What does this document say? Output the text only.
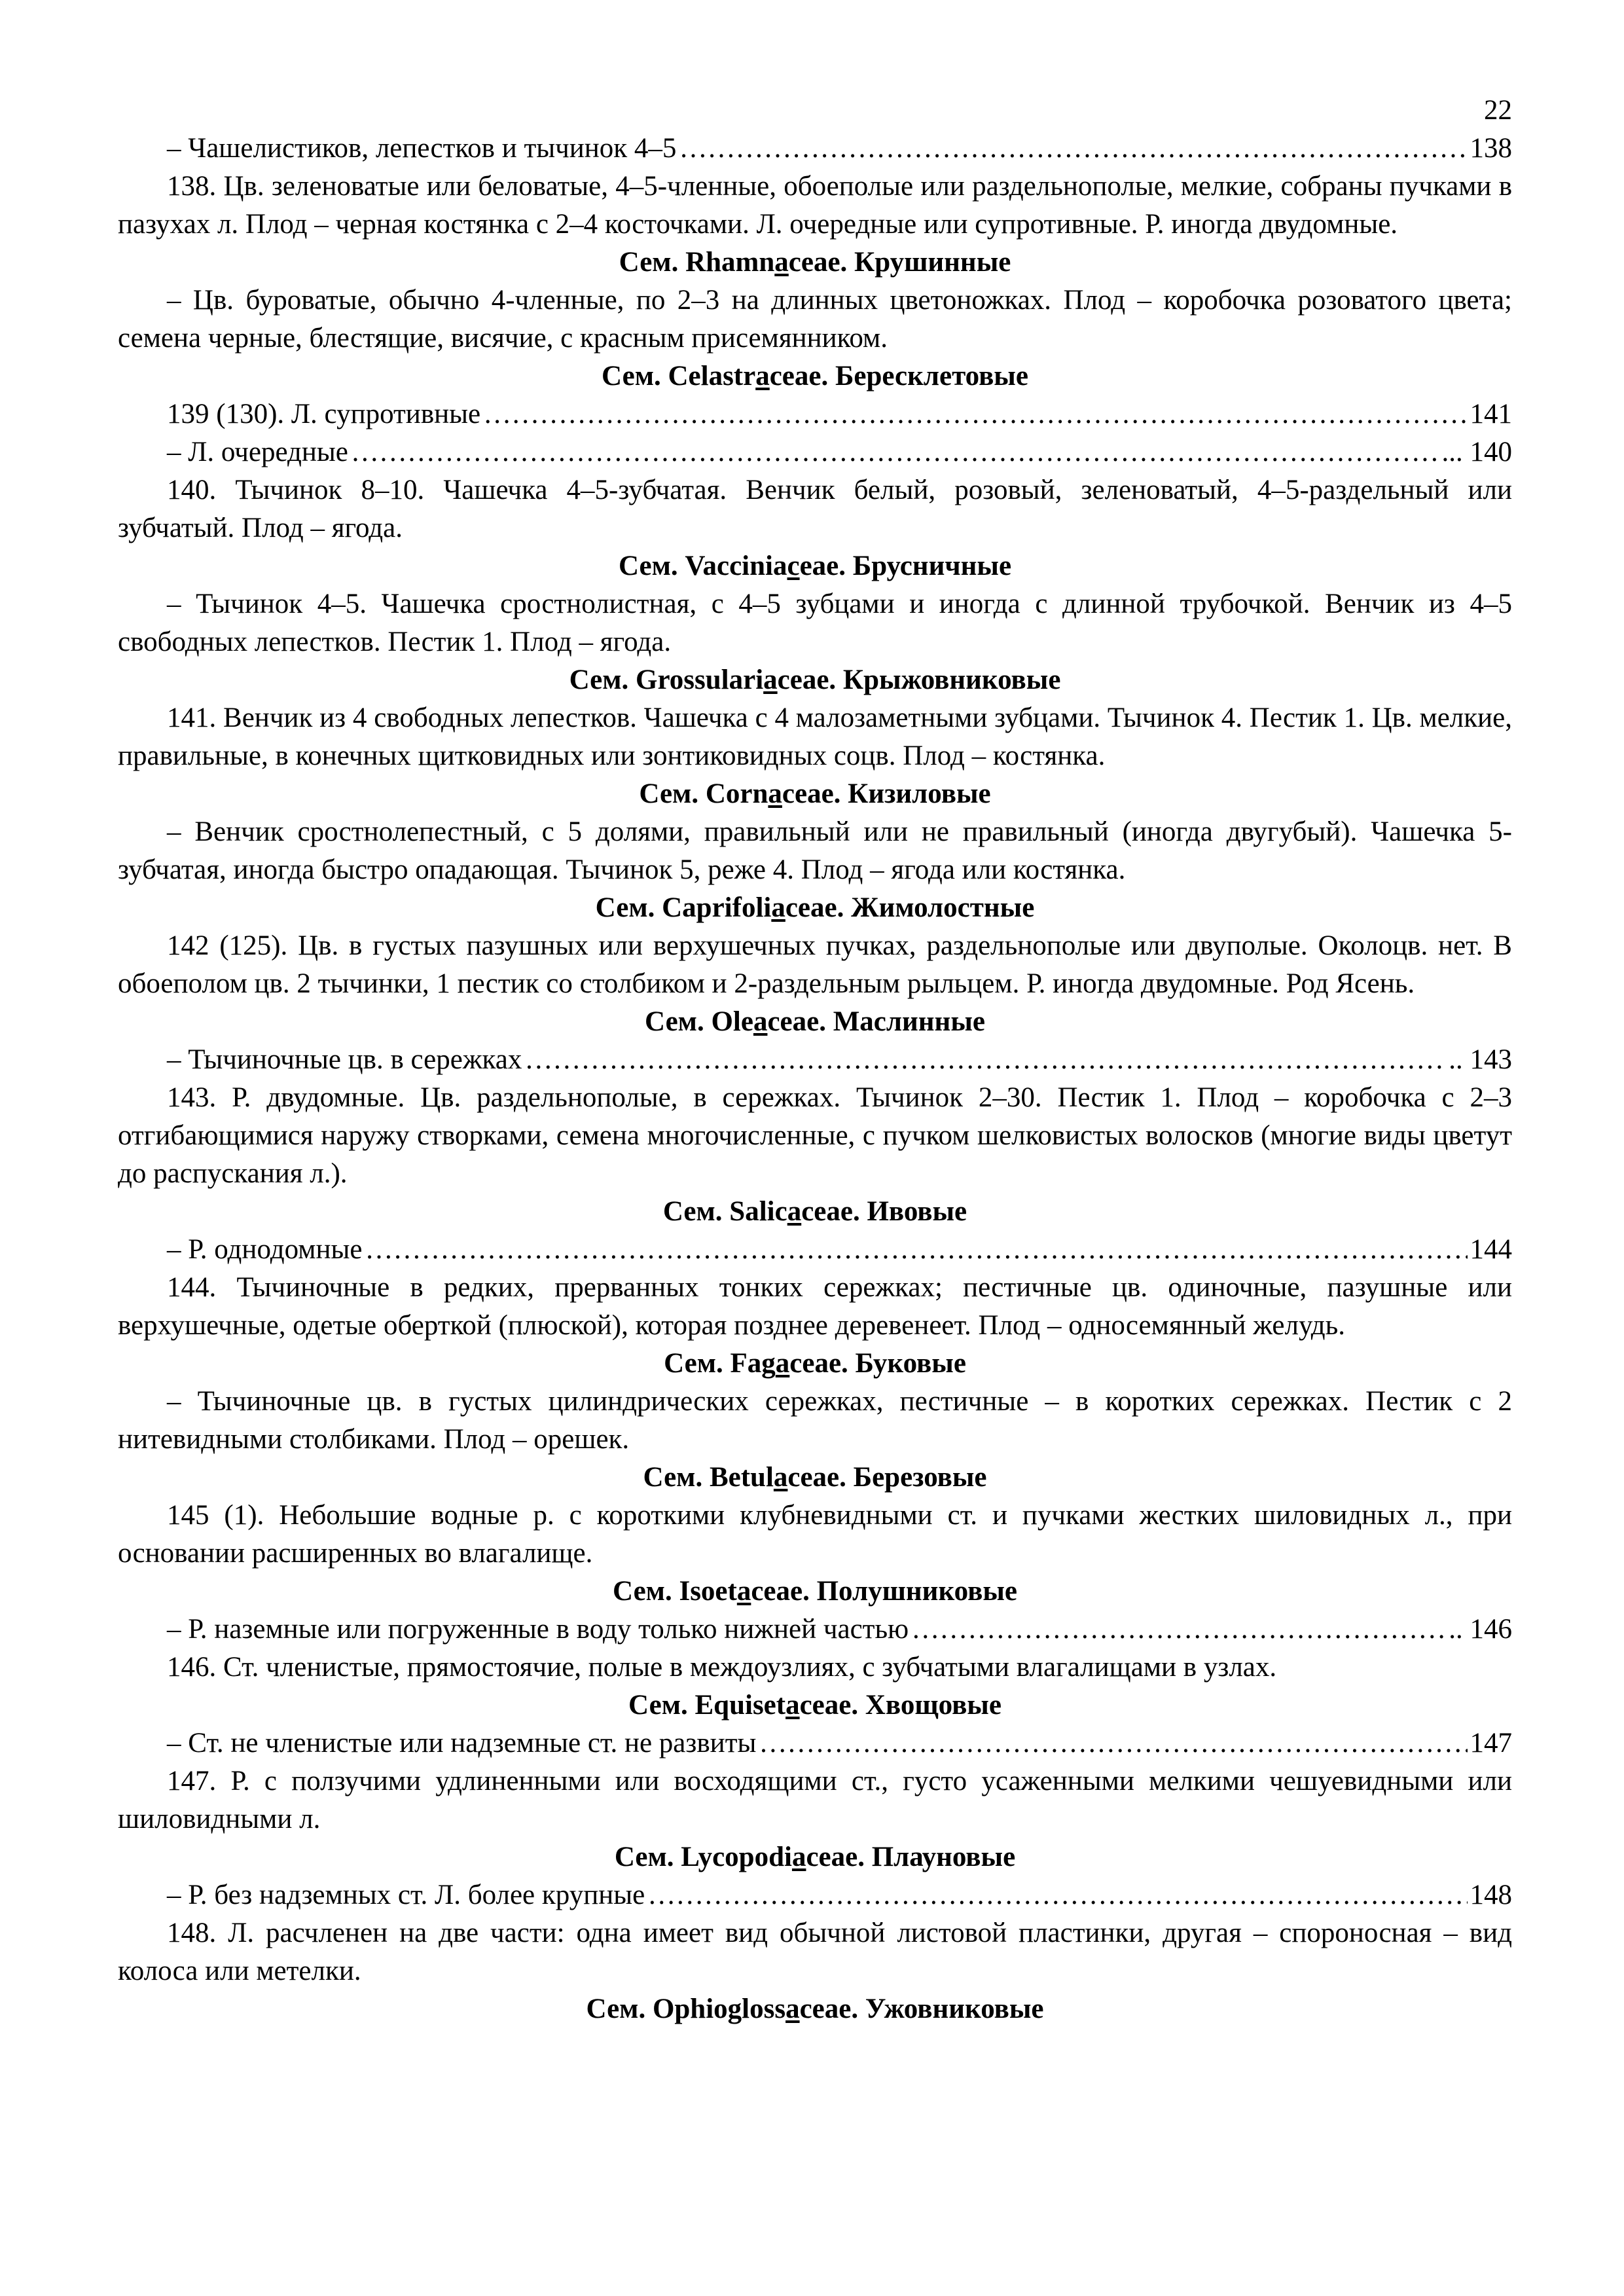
22
– Чашелистиков, лепестков и тычинок 4–5 ………………………………………………………………………………………………………………………………………………………………………………	138

138. Цв. зеленоватые или беловатые, 4–5-членные, обоеполые или раздельнополые, мелкие, собраны пучками в пазухах л. Плод – черная костянка с 2–4 косточками. Л. очередные или супротивные. Р. иногда двудомные.

Сем. Rhamnaceae. Крушинные

– Цв. буроватые, обычно 4-членные, по 2–3 на длинных цветоножках. Плод – коробочка розоватого цвета; семена черные, блестящие, висячие, с красным присемянником.

Сем. Celastraceae. Бересклетовые

139 (130). Л. супротивные ………………………………………………………………………………………………………………………………………………………………………………	141
– Л. очередные ………………………………………………………………………………………………………………………………………………………………………………	... 140

140. Тычинок 8–10. Чашечка 4–5-зубчатая. Венчик белый, розовый, зеленоватый, 4–5-раздельный или зубчатый. Плод – ягода.

Сем. Vacciniасeae. Брусничные

– Тычинок 4–5. Чашечка сростнолистная, с 4–5 зубцами и иногда с длинной трубочкой. Венчик из 4–5 свободных лепестков. Пестик 1. Плод – ягода.

Сем. Grossulariaceae. Крыжовниковые

141. Венчик из 4 свободных лепестков. Чашечка с 4 малозаметными зубцами. Тычинок 4. Пестик 1. Цв. мелкие, правильные, в конечных щитковидных или зонтиковидных соцв. Плод – костянка.

Сем. Cornaceae. Кизиловые

– Венчик сростнолепестный, с 5 долями, правильный или не правильный (иногда двугубый). Чашечка 5-зубчатая, иногда быстро опадающая. Тычинок 5, реже 4. Плод – ягода или костянка.

Сем. Caprifoliaceae. Жимолостные

142 (125). Цв. в густых пазушных или верхушечных пучках, раздельнополые или двуполые. Околоцв. нет. В обоеполом цв. 2 тычинки, 1 пестик со столбиком и 2-раздельным рыльцем. Р. иногда двудомные. Род Ясень.

Сем. Oleaceae. Маслинные

– Тычиночные цв. в сережках ………………………………………………………………………………………………………………………………………………………………………………	.. 143

143. Р. двудомные. Цв. раздельнополые, в сережках. Тычинок 2–30. Пестик 1. Плод – коробочка с 2–3 отгибающимися наружу створками, семена многочисленные, с пучком шелковистых волосков (многие виды цветут до распускания л.).

Сем. Salicaceae. Ивовые

– Р. однодомные ………………………………………………………………………………………………………………………………………………………………………………	144

144. Тычиночные в редких, прерванных тонких сережках; пестичные цв. одиночные, пазушные или верхушечные, одетые оберткой (плюской), которая позднее деревенеет. Плод – односемянный желудь.

Сем. Fagaceae. Буковые

– Тычиночные цв. в густых цилиндрических сережках, пестичные – в коротких сережках. Пестик с 2 нитевидными столбиками. Плод – орешек.

Сем. Betulaceae. Березовые

145 (1). Небольшие водные р. с короткими клубневидными ст. и пучками жестких шиловидных л., при основании расширенных во влагалище.

Сем. Isoetaceae. Полушниковые

– Р. наземные или погруженные в воду только нижней частью ………………………………………………………………………………………………………………………………………………………………………………	.. 146

146. Ст. членистые, прямостоячие, полые в междоузлиях, с зубчатыми влагалищами в узлах.

Сем. Equisetaceae. Хвощовые

– Ст. не членистые или надземные ст. не развиты ………………………………………………………………………………………………………………………………………………………………………………	147

147. Р. с ползучими удлиненными или восходящими ст., густо усаженными мелкими чешуевидными или шиловидными л.

Сем. Lycopodiaceae. Плауновые

– Р. без надземных ст. Л. более крупные ………………………………………………………………………………………………………………………………………………………………………………	148

148. Л. расчленен на две части: одна имеет вид обычной листовой пластинки, другая – спороносная – вид колоса или метелки.

Сем. Ophioglоssaceae. Ужовниковые
